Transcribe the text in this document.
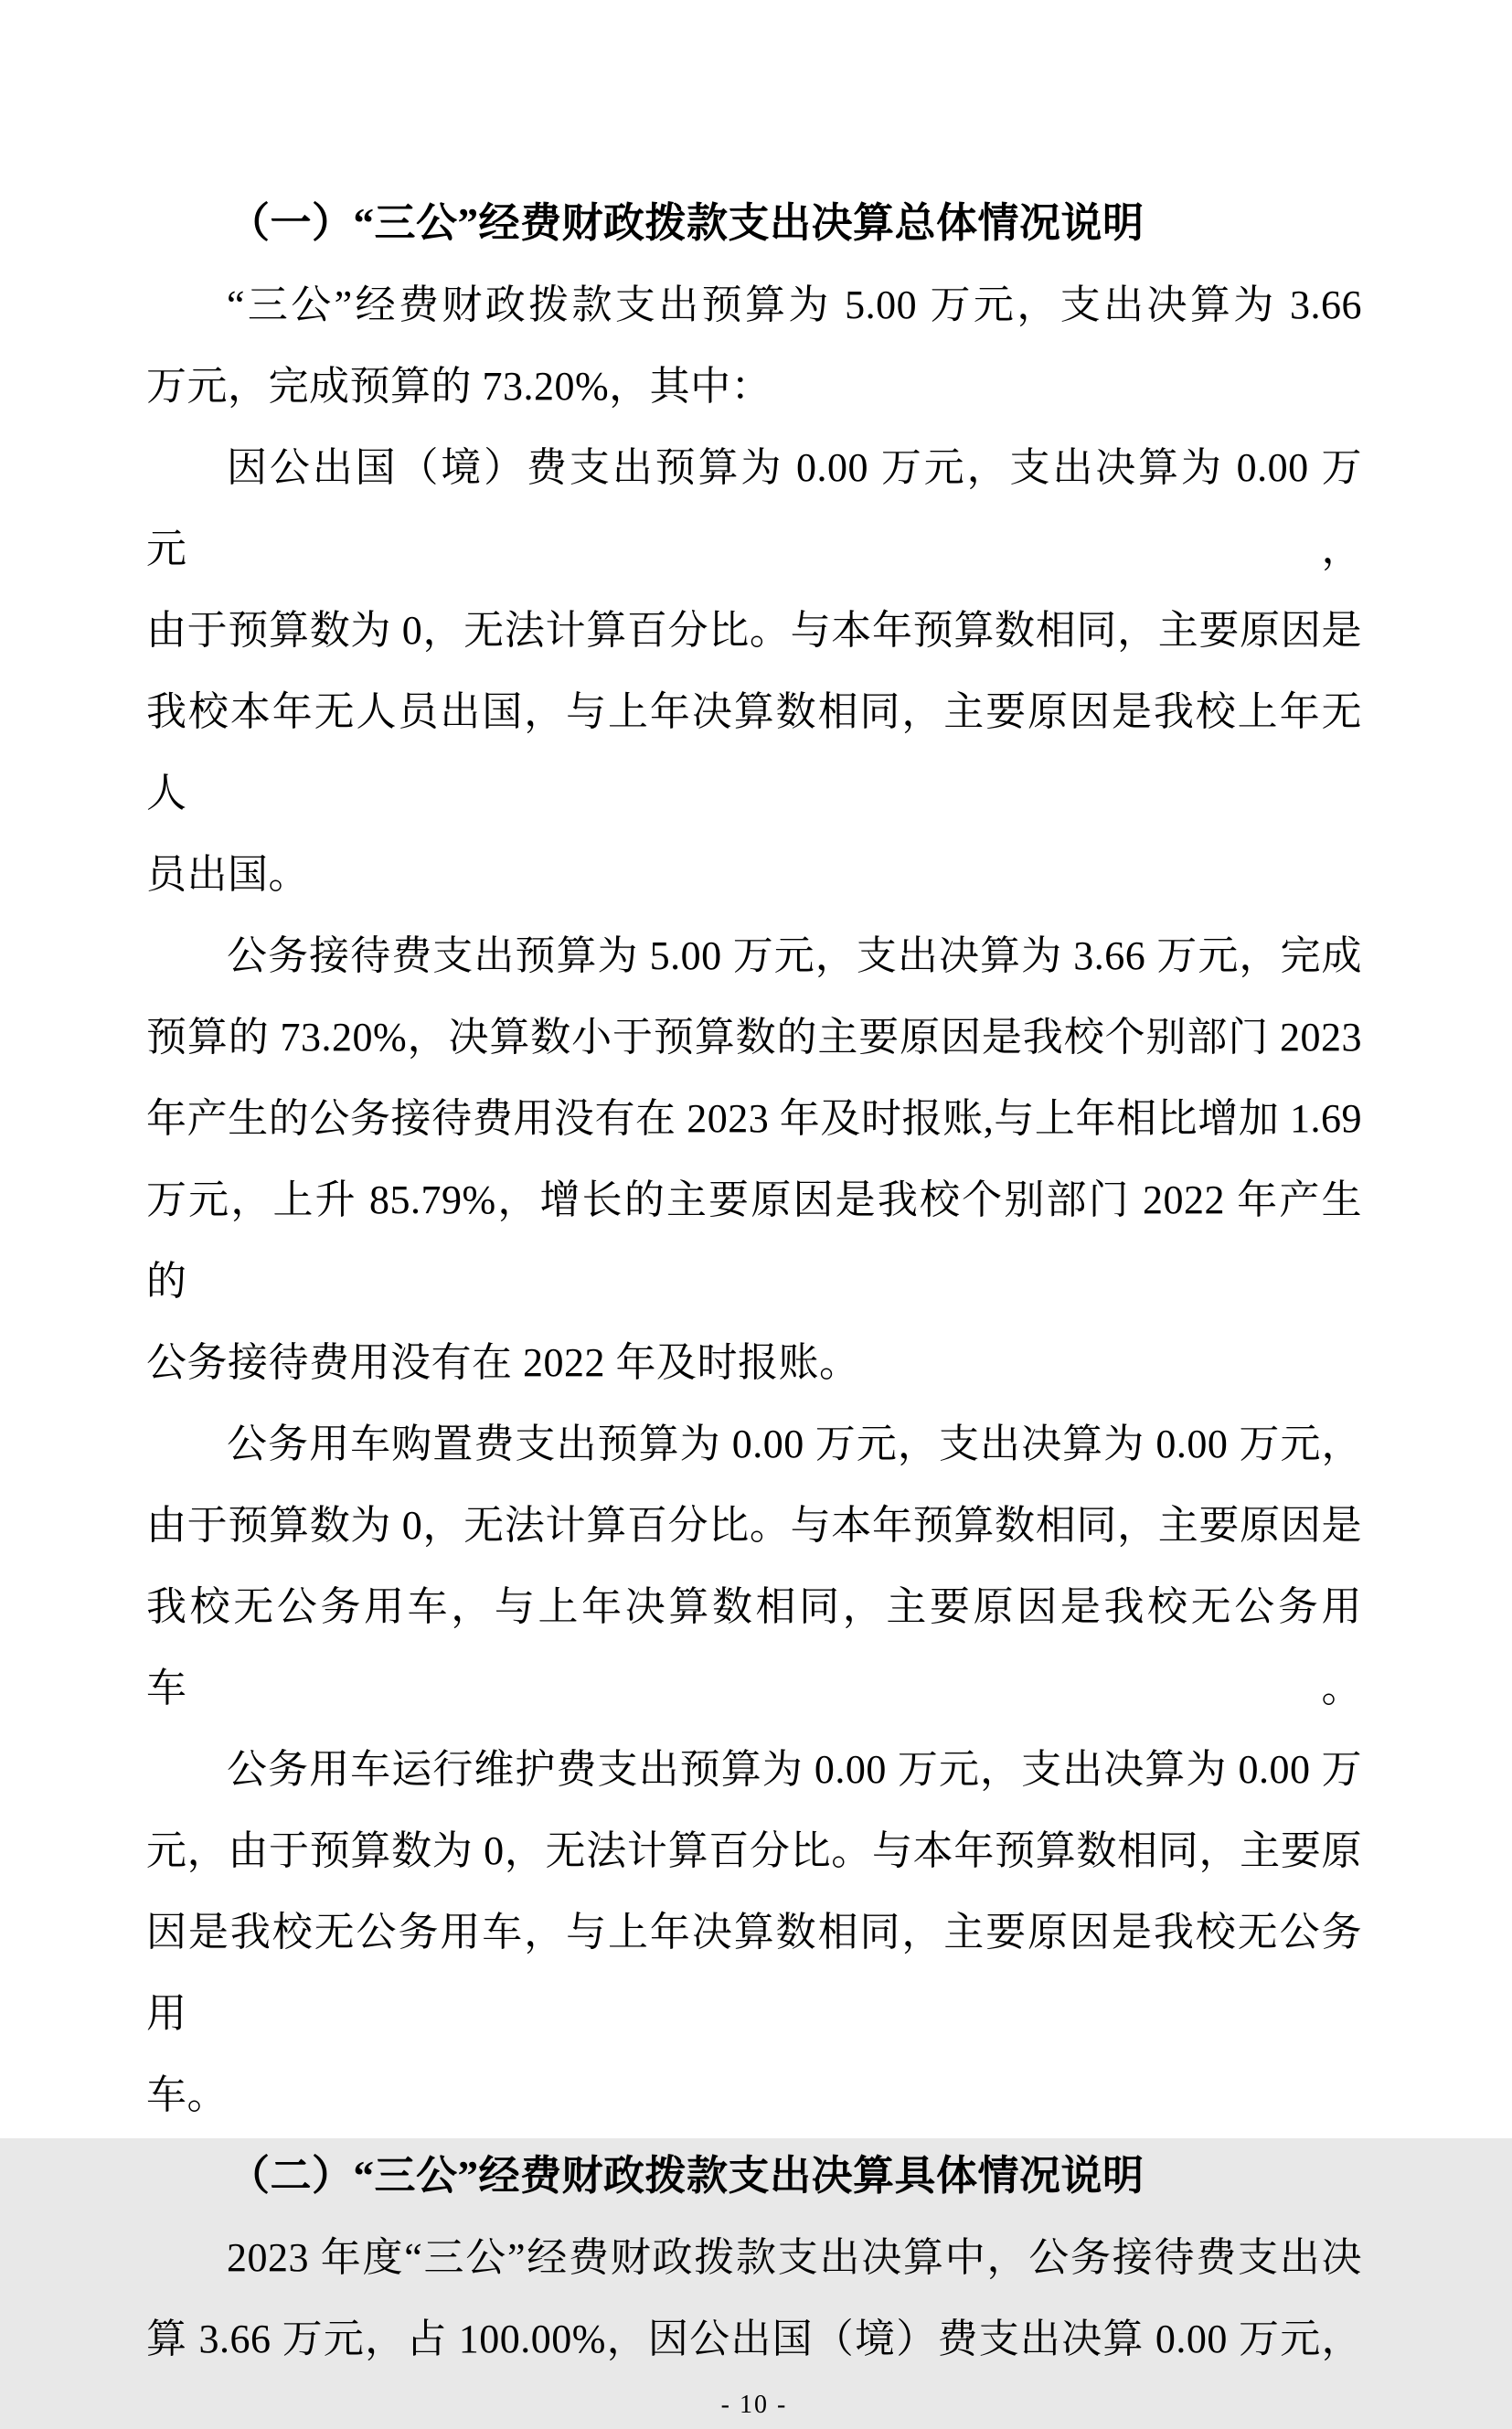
（一）“三公”经费财政拨款支出决算总体情况说明
“三公”经费财政拨款支出预算为 5.00 万元，支出决算为 3.66
万元，完成预算的 73.20%，其中：
因公出国（境）费支出预算为 0.00 万元，支出决算为 0.00 万元，
由于预算数为 0，无法计算百分比。与本年预算数相同，主要原因是
我校本年无人员出国，与上年决算数相同，主要原因是我校上年无人
员出国。
公务接待费支出预算为 5.00 万元，支出决算为 3.66 万元，完成
预算的 73.20%，决算数小于预算数的主要原因是我校个别部门 2023
年产生的公务接待费用没有在 2023 年及时报账,与上年相比增加 1.69
万元，上升 85.79%，增长的主要原因是我校个别部门 2022 年产生的
公务接待费用没有在 2022 年及时报账。
公务用车购置费支出预算为 0.00 万元，支出决算为 0.00 万元，
由于预算数为 0，无法计算百分比。与本年预算数相同，主要原因是
我校无公务用车，与上年决算数相同，主要原因是我校无公务用车。
公务用车运行维护费支出预算为 0.00 万元，支出决算为 0.00 万
元，由于预算数为 0，无法计算百分比。与本年预算数相同，主要原
因是我校无公务用车，与上年决算数相同，主要原因是我校无公务用
车。
（二）“三公”经费财政拨款支出决算具体情况说明
2023 年度“三公”经费财政拨款支出决算中，公务接待费支出决
算 3.66 万元，占 100.00%，因公出国（境）费支出决算 0.00 万元，
- 10 -
